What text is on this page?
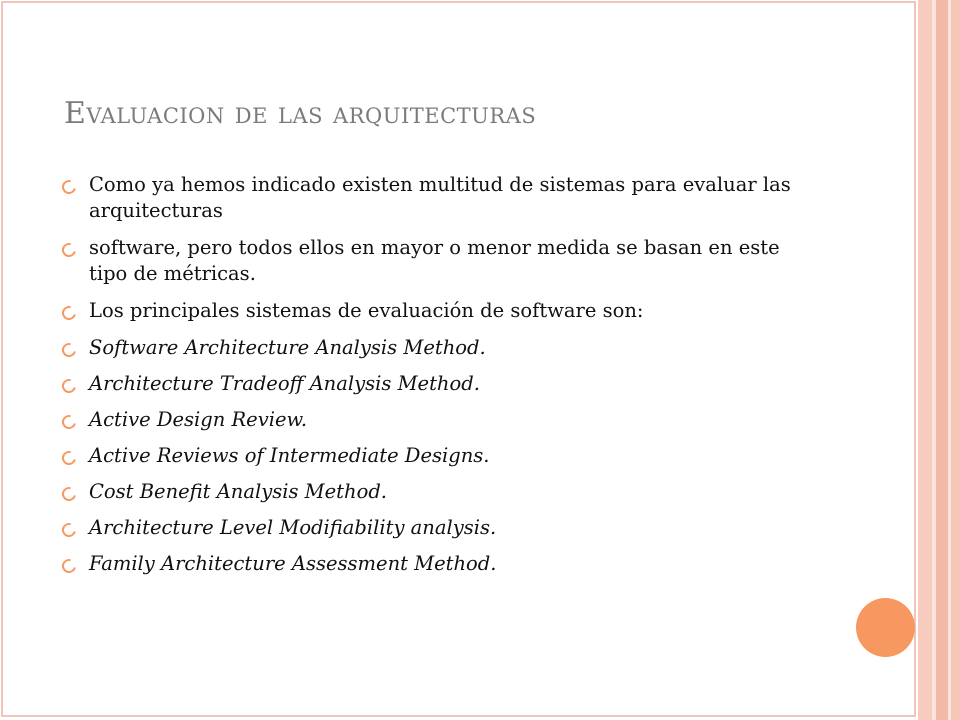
Evaluacion de las arquitecturas
Como ya hemos indicado existen multitud de sistemas para evaluar las arquitecturas
software, pero todos ellos en mayor o menor medida se basan en este tipo de métricas.
Los principales sistemas de evaluación de software son:
Software Architecture Analysis Method.
Architecture Tradeoff Analysis Method.
Active Design Review.
Active Reviews of Intermediate Designs.
Cost Benefit Analysis Method.
Architecture Level Modifiability analysis.
Family Architecture Assessment Method.
